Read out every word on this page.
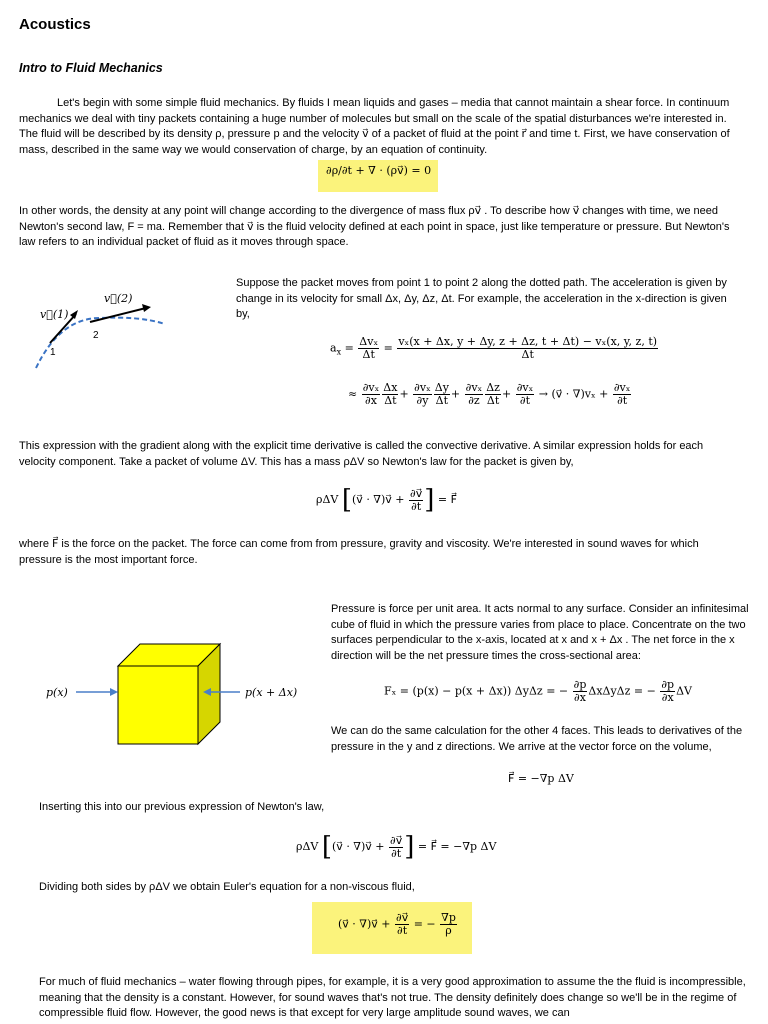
Acoustics
Intro to Fluid Mechanics
Let's begin with some simple fluid mechanics. By fluids I mean liquids and gases – media that cannot maintain a shear force. In continuum mechanics we deal with tiny packets containing a huge number of molecules but small on the scale of the spatial disturbances we're interested in. The fluid will be described by its density ρ, pressure p and the velocity v⃗ of a packet of fluid at the point r⃗ and time t. First, we have conservation of mass, described in the same way we would conservation of charge, by an equation of continuity.
∂ρ/∂t + ∇ · (ρv⃗) = 0
In other words, the density at any point will change according to the divergence of mass flux ρv⃗ . To describe how v⃗ changes with time, we need Newton's second law, F = ma. Remember that v⃗ is the fluid velocity defined at each point in space, just like temperature or pressure. But Newton's law refers to an individual packet of fluid as it moves through space.
v⃗(1)
v⃗(2)
1
2
Suppose the packet moves from point 1 to point 2 along the dotted path. The acceleration is given by change in its velocity for small Δx, Δy, Δz, Δt. For example, the acceleration in the x-direction is given by,
$a_x = \frac{\text{Δvₓ}}{\Delta t} = \frac{\text{vₓ(x + Δx, y + Δy, z + Δz, t + Δt) − vₓ(x, y, z, t)}}{\Delta t}$
≈ $\frac{\text{∂vₓ}}{\partial x} \frac{\Delta x}{\Delta t} + \frac{\text{∂vₓ}}{\partial y} \frac{\Delta y}{\Delta t} + \frac{\text{∂vₓ}}{\partial z} \frac{\Delta z}{\Delta t} + \frac{\text{∂vₓ}}{\partial t}$ → (v⃗ · $\nabla)v_x + \frac{\text{∂vₓ}}{\partial t}$
This expression with the gradient along with the explicit time derivative is called the convective derivative. A similar expression holds for each velocity component. Take a packet of volume ΔV. This has a mass ρΔV so Newton's law for the packet is given by,
ρΔV [(v⃗ · ∇)v⃗ + $\frac{\partial v⃗}{\partial t}$ ] = F⃗
where F⃗ is the force on the packet. The force can come from from pressure, gravity and viscosity. We're interested in sound waves for which pressure is the most important force.
p(x)	p(x + Δx)
Pressure is force per unit area. It acts normal to any surface. Consider an infinitesimal cube of fluid in which the pressure varies from place to place. Concentrate on the two surfaces perpendicular to the x-axis, located at x and x + Δx . The net force in the x direction will be the net pressure times the cross-sectional area:
Fₓ = (p(x) − p(x + Δx)) ΔyΔz = − $\frac{\partial p}{\partial x}$ ΔxΔyΔz = − $\frac{\partial p}{\partial x}$ ΔV
We can do the same calculation for the other 4 faces. This leads to derivatives of the pressure in the y and z directions. We arrive at the vector force on the volume,
F⃗ = −∇p ΔV
Inserting this into our previous expression of Newton's law,
ρΔV [(v⃗ · ∇)v⃗ + $\frac{\partial v⃗}{\partial t}$ ] = F⃗ = −∇p ΔV
Dividing both sides by ρΔV we obtain Euler's equation for a non-viscous fluid,
(v⃗ · ∇)v⃗ + $\frac{\partial v⃗}{\partial t}$ = − $\frac{\nabla p}{\rho}$
For much of fluid mechanics – water flowing through pipes, for example, it is a very good approximation to assume the the fluid is incompressible, meaning that the density is a constant. However, for sound waves that's not true. The density definitely does change so we'll be in the regime of compressible fluid flow. However, the good news is that except for very large amplitude sound waves, we can
